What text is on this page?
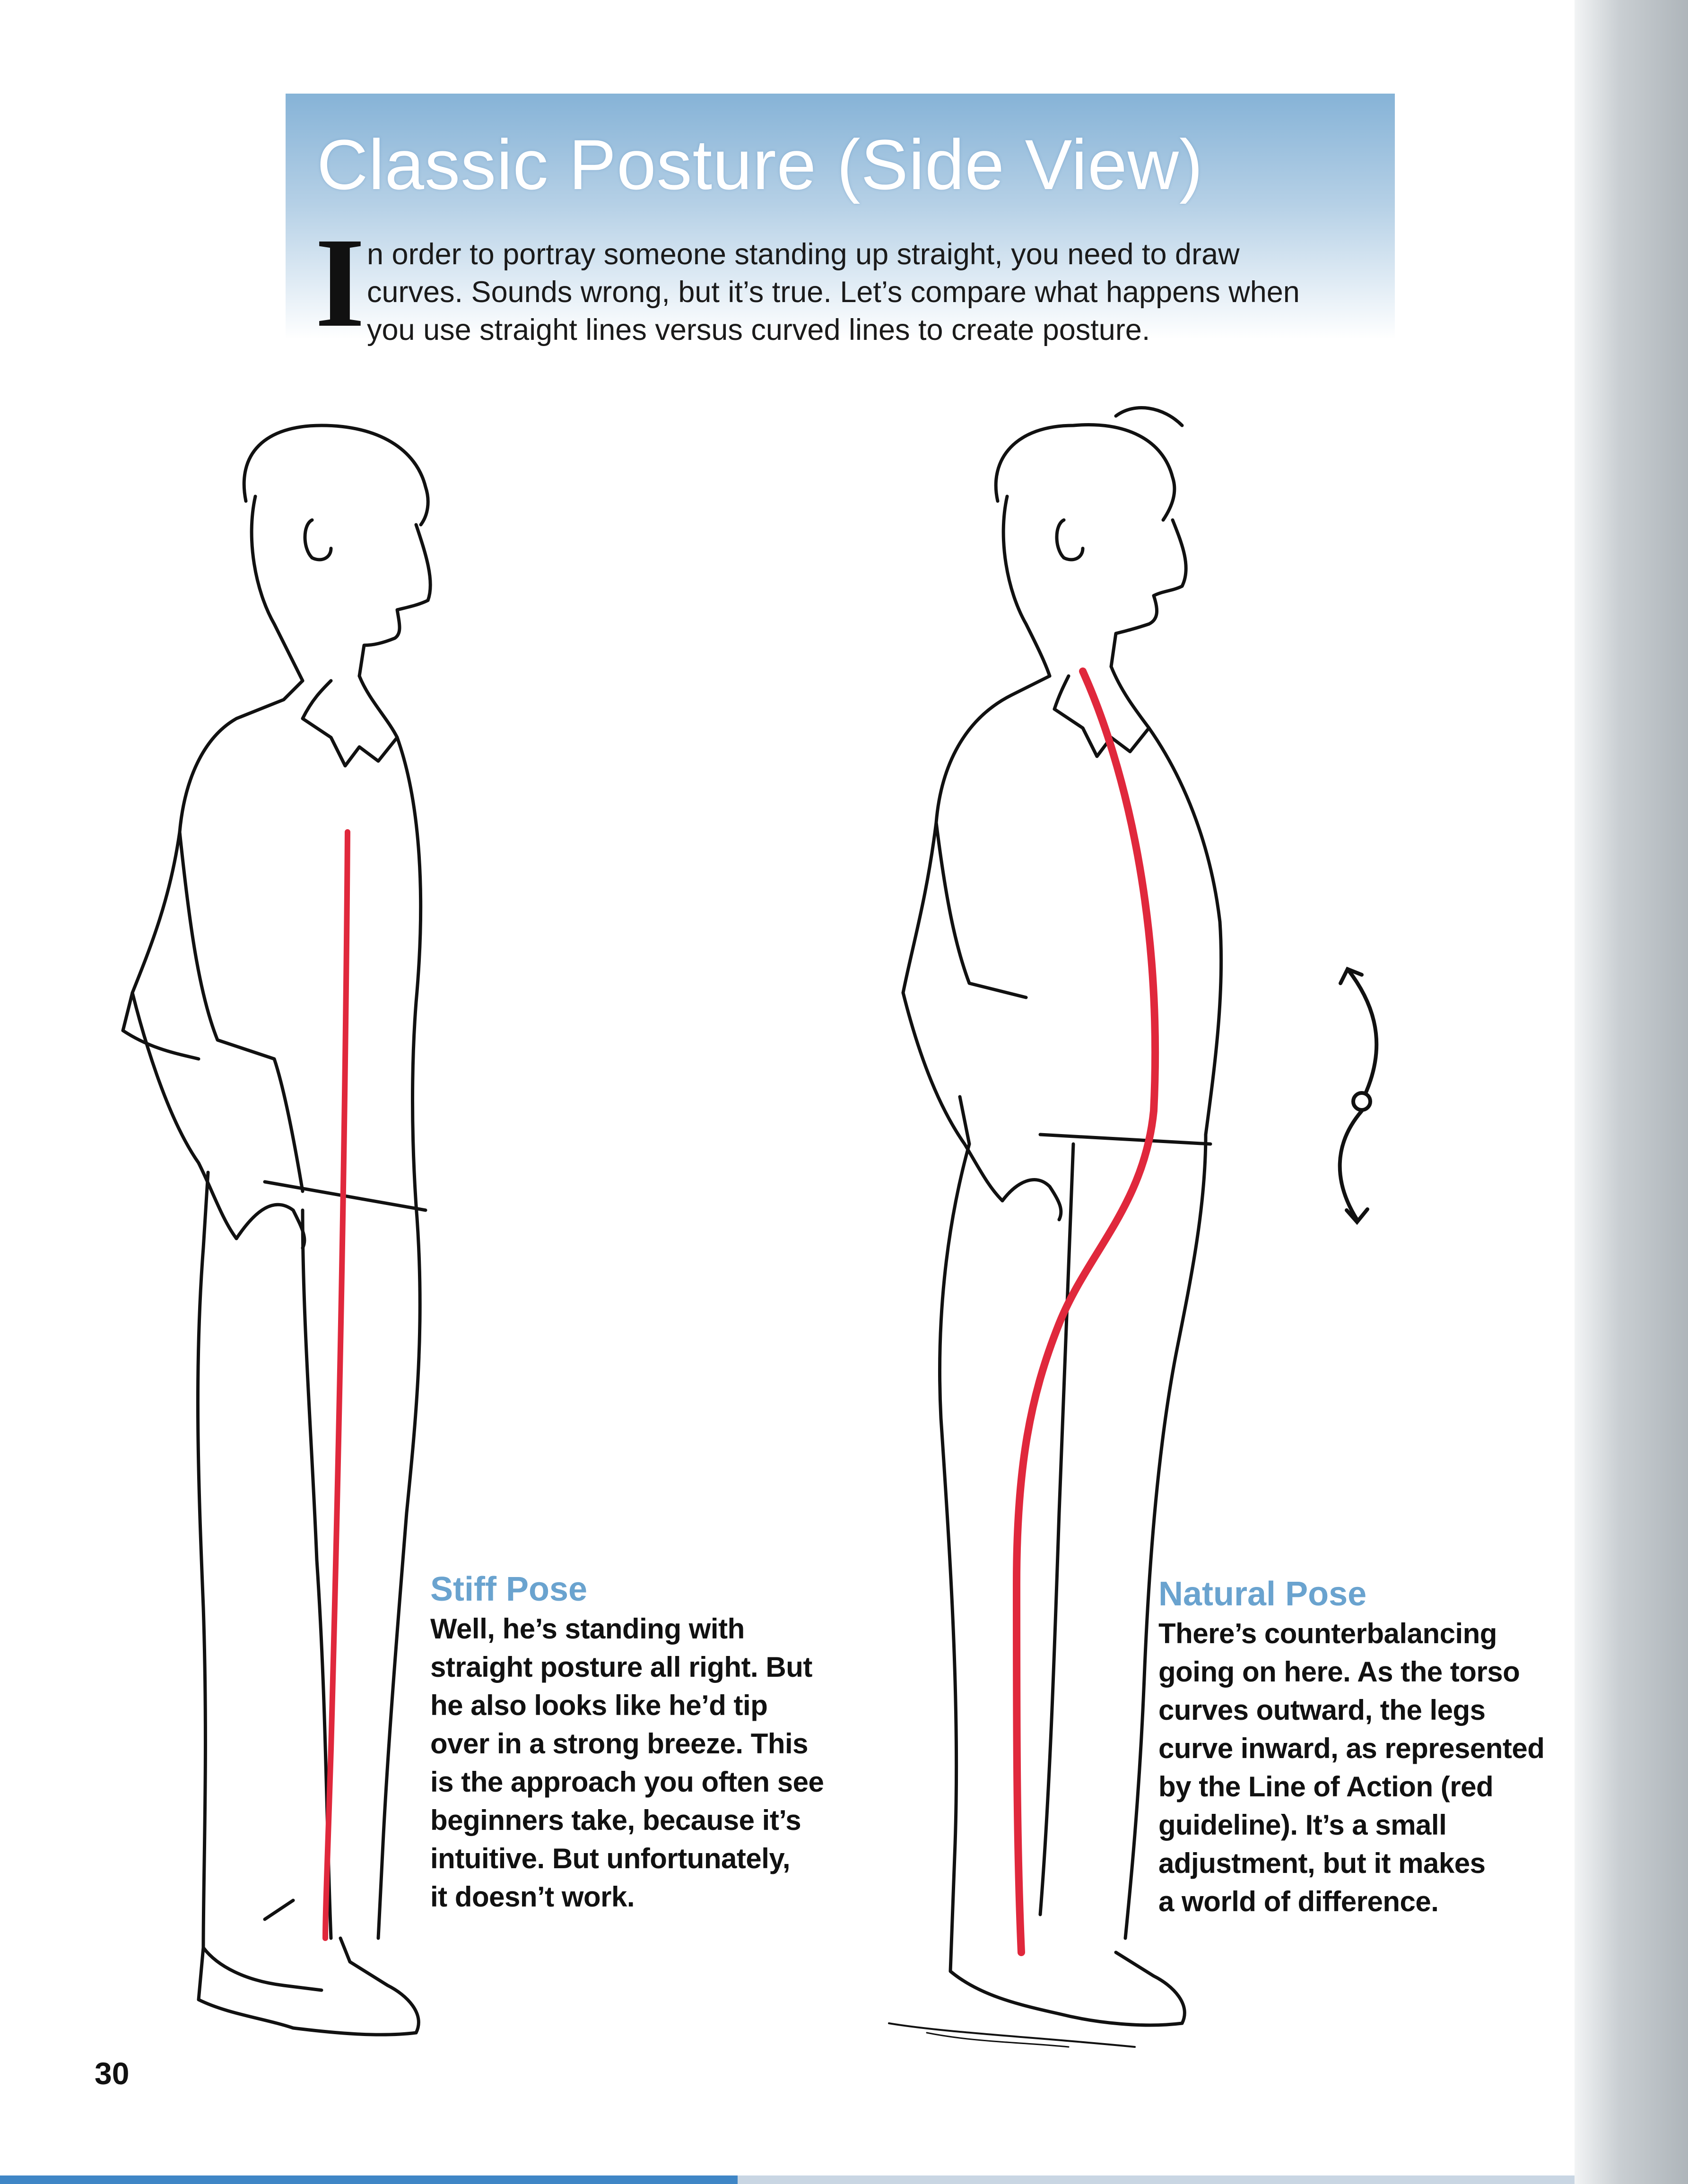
Classic Posture (Side View)
I n order to portray someone standing up straight, you need to draw
curves. Sounds wrong, but it’s true. Let’s compare what happens when
you use straight lines versus curved lines to create posture.
Stiff Pose
Well, he’s standing with
straight posture all right. But
he also looks like he’d tip
over in a strong breeze. This
is the approach you often see
beginners take, because it’s
intuitive. But unfortunately,
it doesn’t work.
Natural Pose
There’s counterbalancing
going on here. As the torso
curves outward, the legs
curve inward, as represented
by the Line of Action (red
guideline). It’s a small
adjustment, but it makes
a world of difference.
30
